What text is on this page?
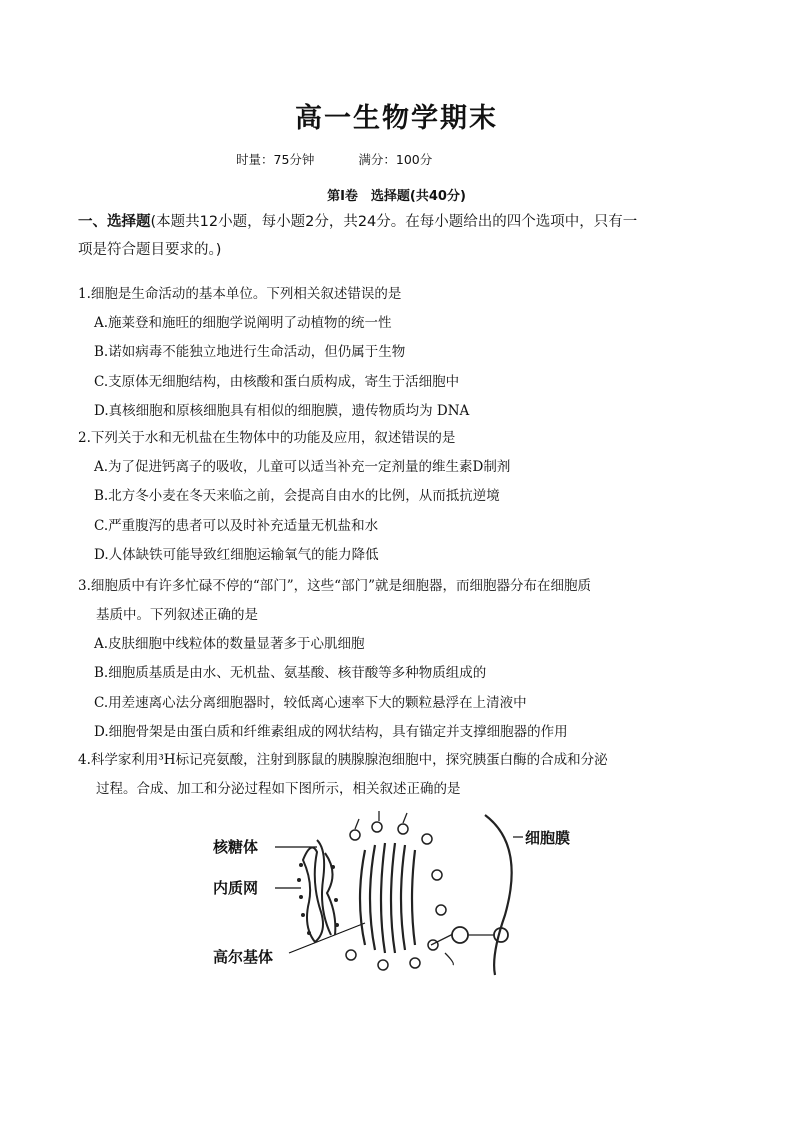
高一生物学期末
时量：75分钟	满分：100分
第Ⅰ卷　选择题(共40分)
一、选择题(本题共12小题，每小题2分，共24分。在每小题给出的四个选项中，只有一
项是符合题目要求的。)
1.细胞是生命活动的基本单位。下列相关叙述错误的是
A.施莱登和施旺的细胞学说阐明了动植物的统一性
B.诺如病毒不能独立地进行生命活动，但仍属于生物
C.支原体无细胞结构，由核酸和蛋白质构成，寄生于活细胞中
D.真核细胞和原核细胞具有相似的细胞膜，遗传物质均为 DNA
2.下列关于水和无机盐在生物体中的功能及应用，叙述错误的是
A.为了促进钙离子的吸收，儿童可以适当补充一定剂量的维生素D制剂
B.北方冬小麦在冬天来临之前，会提高自由水的比例，从而抵抗逆境
C.严重腹泻的患者可以及时补充适量无机盐和水
D.人体缺铁可能导致红细胞运输氧气的能力降低
3.细胞质中有许多忙碌不停的“部门”，这些“部门”就是细胞器，而细胞器分布在细胞质
基质中。下列叙述正确的是
A.皮肤细胞中线粒体的数量显著多于心肌细胞
B.细胞质基质是由水、无机盐、氨基酸、核苷酸等多种物质组成的
C.用差速离心法分离细胞器时，较低离心速率下大的颗粒悬浮在上清液中
D.细胞骨架是由蛋白质和纤维素组成的网状结构，具有锚定并支撑细胞器的作用
4.科学家利用³H标记亮氨酸，注射到豚鼠的胰腺腺泡细胞中，探究胰蛋白酶的合成和分泌
过程。合成、加工和分泌过程如下图所示，相关叙述正确的是
核糖体
内质网
高尔基体
细胞膜
